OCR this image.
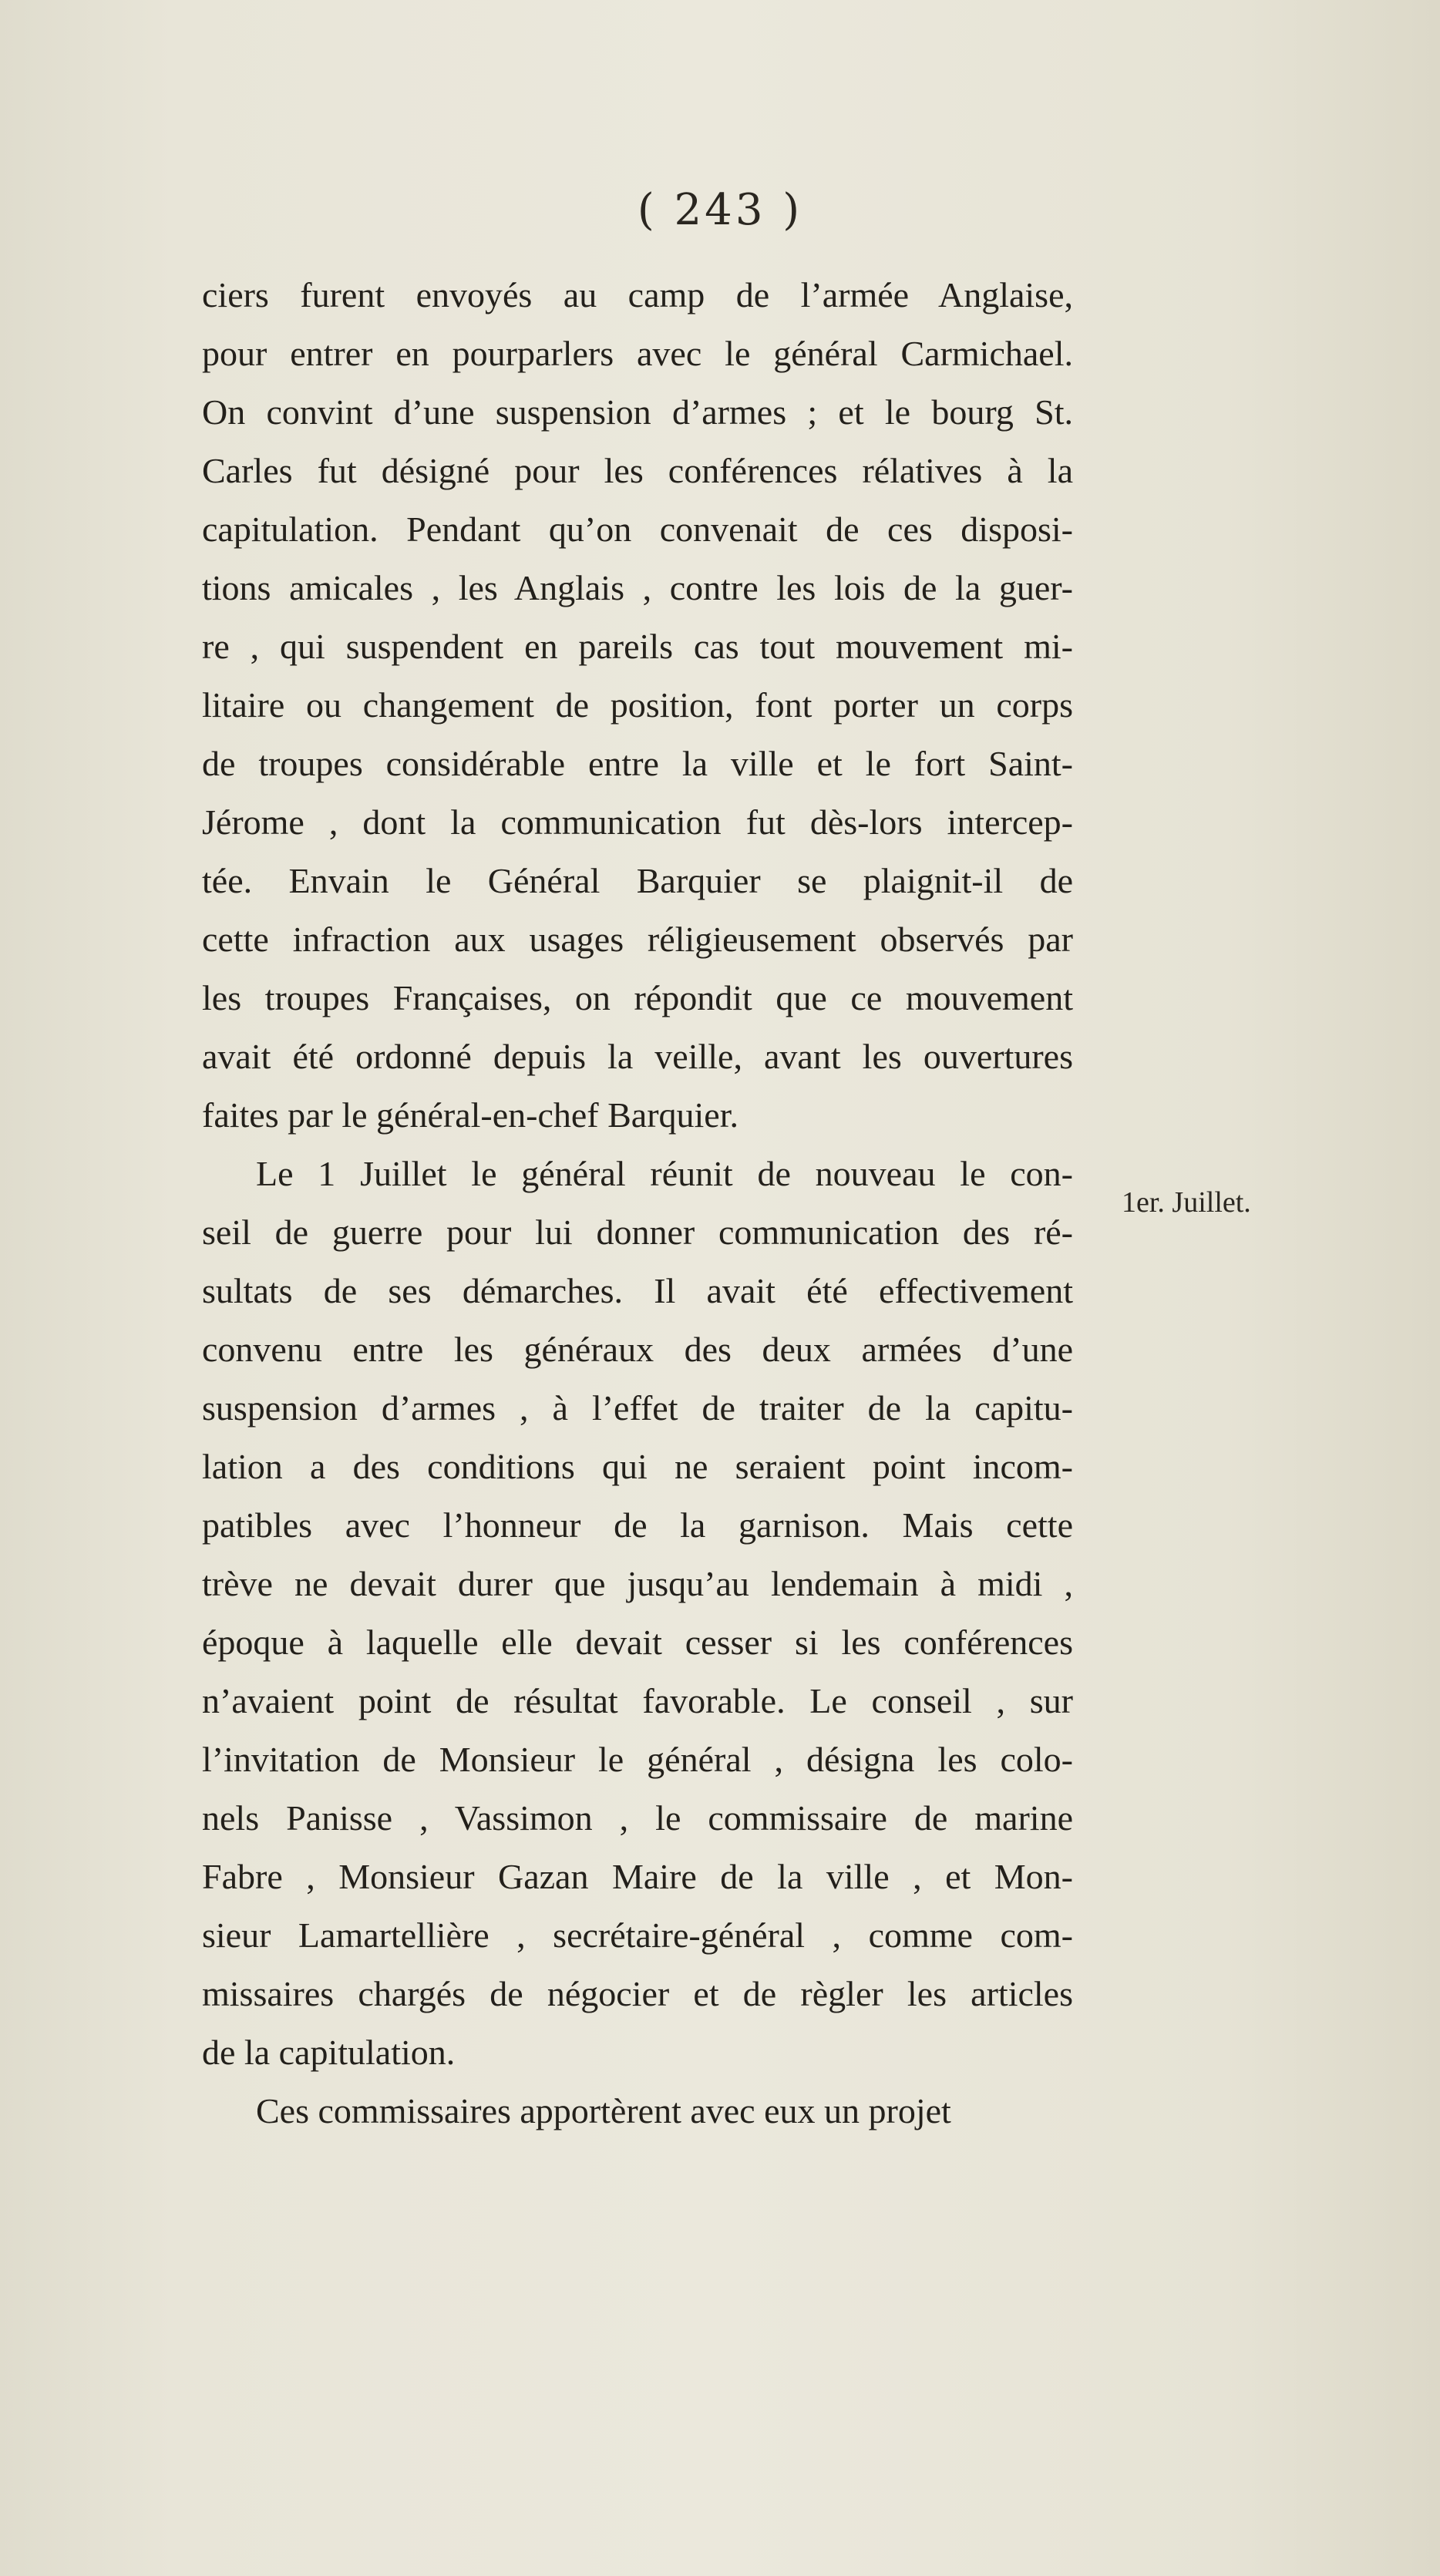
( 243 )
ciers furent envoyés au camp de l’armée Anglaise,
pour entrer en pourparlers avec le général Carmichael.
On convint d’une suspension d’armes ; et le bourg St.
Carles fut désigné pour les conférences rélatives à la
capitulation. Pendant qu’on convenait de ces disposi-
tions amicales , les Anglais , contre les lois de la guer-
re , qui suspendent en pareils cas tout mouvement mi-
litaire ou changement de position, font porter un corps
de troupes considérable entre la ville et le fort Saint-
Jérome , dont la communication fut dès-lors intercep-
tée. Envain le Général Barquier se plaignit-il de
cette infraction aux usages réligieusement observés par
les troupes Françaises, on répondit que ce mouvement
avait été ordonné depuis la veille, avant les ouvertures
faites par le général-en-chef Barquier.
Le 1 Juillet le général réunit de nouveau le con-
seil de guerre pour lui donner communication des ré-
sultats de ses démarches. Il avait été effectivement
convenu entre les généraux des deux armées d’une
suspension d’armes , à l’effet de traiter de la capitu-
lation a des conditions qui ne seraient point incom-
patibles avec l’honneur de la garnison. Mais cette
trève ne devait durer que jusqu’au lendemain à midi ,
époque à laquelle elle devait cesser si les conférences
n’avaient point de résultat favorable. Le conseil , sur
l’invitation de Monsieur le général , désigna les colo-
nels Panisse , Vassimon , le commissaire de marine
Fabre , Monsieur Gazan Maire de la ville , et Mon-
sieur Lamartellière , secrétaire-général , comme com-
missaires chargés de négocier et de règler les articles
de la capitulation.
Ces commissaires apportèrent avec eux un projet
1er. Juillet.
